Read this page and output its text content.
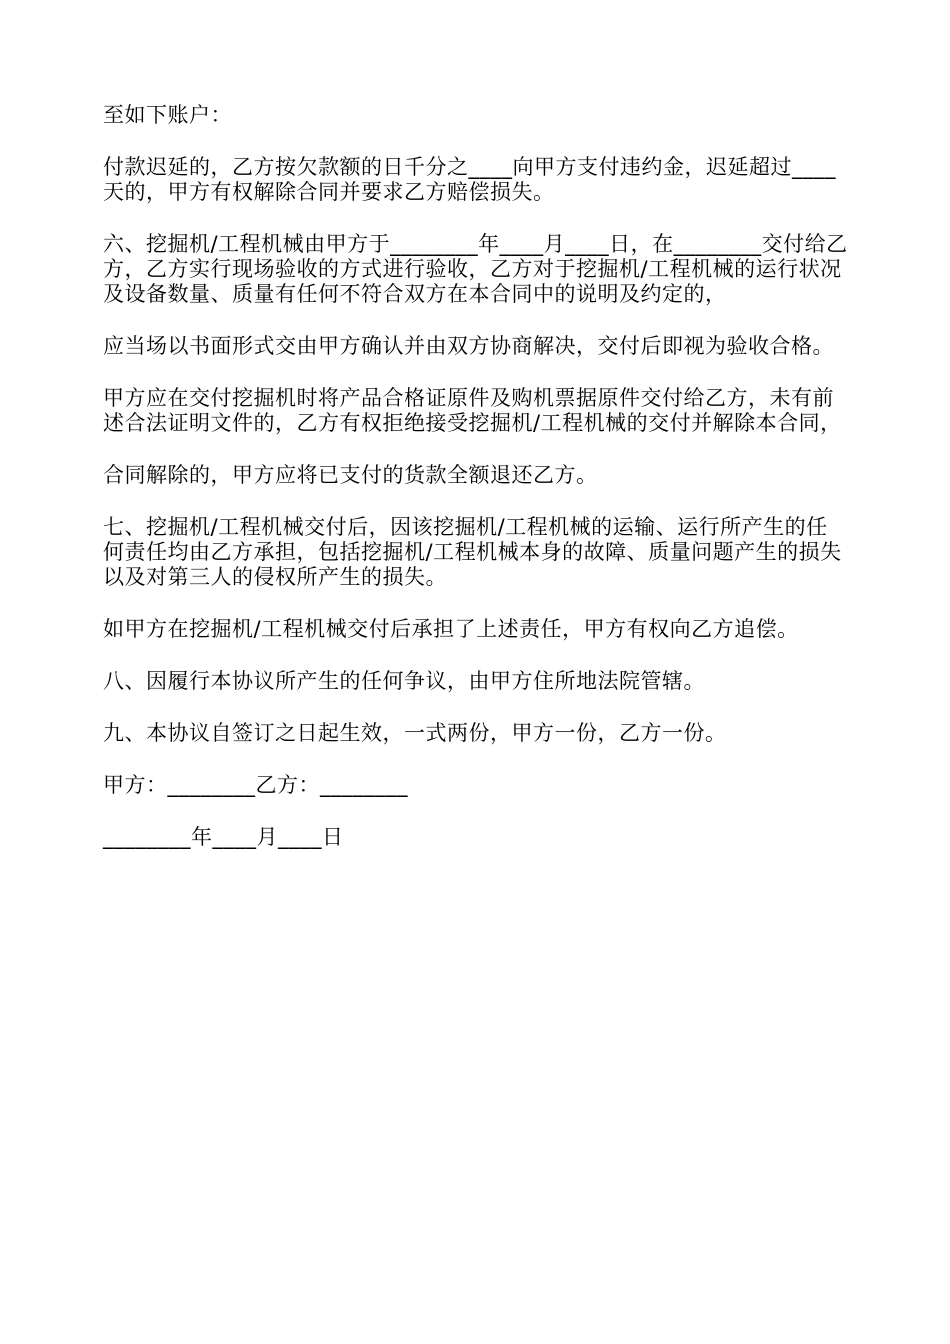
至如下账户：

付款迟延的，乙方按欠款额的日千分之____向甲方支付违约金，迟延超过____天的，甲方有权解除合同并要求乙方赔偿损失。

六、挖掘机/工程机械由甲方于________年____月____日，在________交付给乙方，乙方实行现场验收的方式进行验收，乙方对于挖掘机/工程机械的运行状况及设备数量、质量有任何不符合双方在本合同中的说明及约定的，

应当场以书面形式交由甲方确认并由双方协商解决，交付后即视为验收合格。

甲方应在交付挖掘机时将产品合格证原件及购机票据原件交付给乙方，未有前述合法证明文件的，乙方有权拒绝接受挖掘机/工程机械的交付并解除本合同，

合同解除的，甲方应将已支付的货款全额退还乙方。

七、挖掘机/工程机械交付后，因该挖掘机/工程机械的运输、运行所产生的任何责任均由乙方承担，包括挖掘机/工程机械本身的故障、质量问题产生的损失以及对第三人的侵权所产生的损失。

如甲方在挖掘机/工程机械交付后承担了上述责任，甲方有权向乙方追偿。

八、因履行本协议所产生的任何争议，由甲方住所地法院管辖。

九、本协议自签订之日起生效，一式两份，甲方一份，乙方一份。

甲方：________乙方：________

________年____月____日
